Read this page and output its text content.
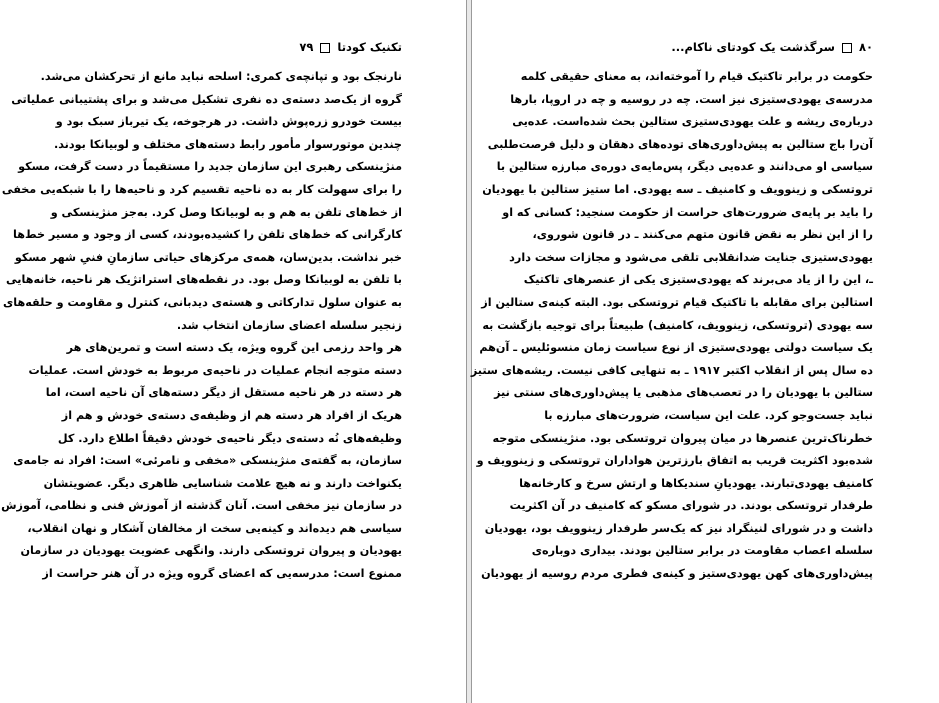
تکنیک کودتا  ۷۹
نارنجک بود و تپانچه‌ی کمری: اسلحه نباید مانع از تحرکشان می‌شد.
گروه از یک‌صد دسته‌ی ده نفری تشکیل می‌شد و برای پشتیبانی عملیاتی
بیست خودرو زره‌پوش داشت. در هرجوخه، یک تیرباز سبک بود و
چندین موتورسوار مأمور رابط دسته‌های مختلف و لوبیانکا بودند.
منژینسکی رهبری این سازمان جدید را مستقیماً در دست گرفت، مسکو
را برای سهولت کار به ده ناحیه تقسیم کرد و ناحیه‌ها را با شبکه‌یی مخفی
از خط‌های تلفن به هم و به لوبیانکا وصل کرد. به‌جز منژینسکی و
کارگرانی که خط‌های تلفن را کشیده‌بودند، کسی از وجود و مسیر خط‌ها
خبر نداشت. بدین‌سان، همه‌ی مرکزهای حیاتی سازمانِ فنیِ شهر مسکو
با تلفن به لوبیانکا وصل بود. در نقطه‌های استراتژیک هر ناحیه، خانه‌هایی
به عنوان سلول تدارکاتی و هسته‌ی دیدبانی، کنترل و مقاومت و حلقه‌های
زنجیر سلسله اعضای سازمان انتخاب شد.
هر واحد رزمی این گروه ویژه، یک دسته است و تمرین‌های هر
دسته متوجه انجام عملیات در ناحیه‌ی مربوط به خودش است. عملیات
هر دسته در هر ناحیه مستقل از دیگر دسته‌های آن ناحیه است، اما
هریک از افراد هر دسته هم از وظیفه‌ی دسته‌ی خودش و هم از
وظیفه‌های نُه دسته‌ی دیگر ناحیه‌ی خودش دقیقاً اطلاع دارد. کل
سازمان، به گفته‌ی منژینسکی «مخفی و نامرئی» است: افراد نه جامه‌ی
یکنواخت دارند و نه هیچ علامت شناسایی ظاهری دیگر. عضویتشان
در سازمان نیز مخفی است. آنان گذشته از آموزش فنی و نظامی، آموزش
سیاسی هم دیده‌اند و کینه‌یی سخت از مخالفان آشکار و نهان انقلاب،
یهودیان و پیروان تروتسکی دارند. وانگهی عضویت یهودیان در سازمان
ممنوع است: مدرسه‌یی که اعضای گروه ویژه در آن هنر حراست از
۸۰  سرگذشت یک کودتای ناکام...
حکومت در برابر تاکتیک قیام را آموخته‌اند، به معنای حقیقی کلمه
مدرسه‌ی یهودی‌ستیزی نیز است. چه در روسیه و چه در اروپا، بارها
درباره‌ی ریشه و علت یهودی‌ستیزی ستالین بحث شده‌است. عده‌یی
آن‌را باج ستالین به پیش‌داوری‌های توده‌های دهقان و دلیل فرصت‌طلبی
سیاسی او می‌دانند و عده‌یی دیگر، پس‌مایه‌ی دوره‌ی مبارزه ستالین با
تروتسکی و زینوویف و کامنیف ـ سه یهودی. اما ستیز ستالین با یهودیان
را باید بر پایه‌ی ضرورت‌های حراست از حکومت سنجید: کسانی که او
را از این نظر به نقض قانون متهم می‌کنند ـ در قانون شوروی،
یهودی‌ستیزی جنایت ضدانقلابی تلقی می‌شود و مجازات سخت دارد
ـ، این را از یاد می‌برند که یهودی‌ستیزی یکی از عنصرهای تاکتیک
استالین برای مقابله با تاکتیک قیام تروتسکی بود. البته کینه‌ی ستالین از
سه یهودی (تروتسکی، زینوویف، کامنیف) طبیعتاً برای توجیه بازگشت به
یک سیاست دولتی یهودی‌ستیزی از نوع سیاست زمان منسوئلیس ـ آن‌هم
ده سال پس از انقلاب اکتبر ۱۹۱۷ ـ به تنهایی کافی نیست. ریشه‌های ستیز
ستالین با یهودیان را در تعصب‌های مذهبی یا پیش‌داوری‌های سنتی نیز
نباید جست‌وجو کرد. علت این سیاست، ضرورت‌های مبارزه با
خطرناک‌ترین عنصرها در میان پیروان تروتسکی بود. منژینسکی متوجه
شده‌بود اکثریت قریب به اتفاق بارزترین هواداران تروتسکی و زینوویف و
کامنیف یهودی‌تبارند. یهودیانِ سندیکاها و ارتش سرخ و کارخانه‌ها
طرفدار تروتسکی بودند. در شورای مسکو که کامنیف در آن اکثریت
داشت و در شورای لنینگراد نیز که یک‌سر طرفدار زینوویف بود، یهودیان
سلسله اعصاب مقاومت در برابر ستالین بودند. بیداری دوباره‌ی
پیش‌داوری‌های کهن یهودی‌ستیز و کینه‌ی فطری مردم روسیه از یهودیان
